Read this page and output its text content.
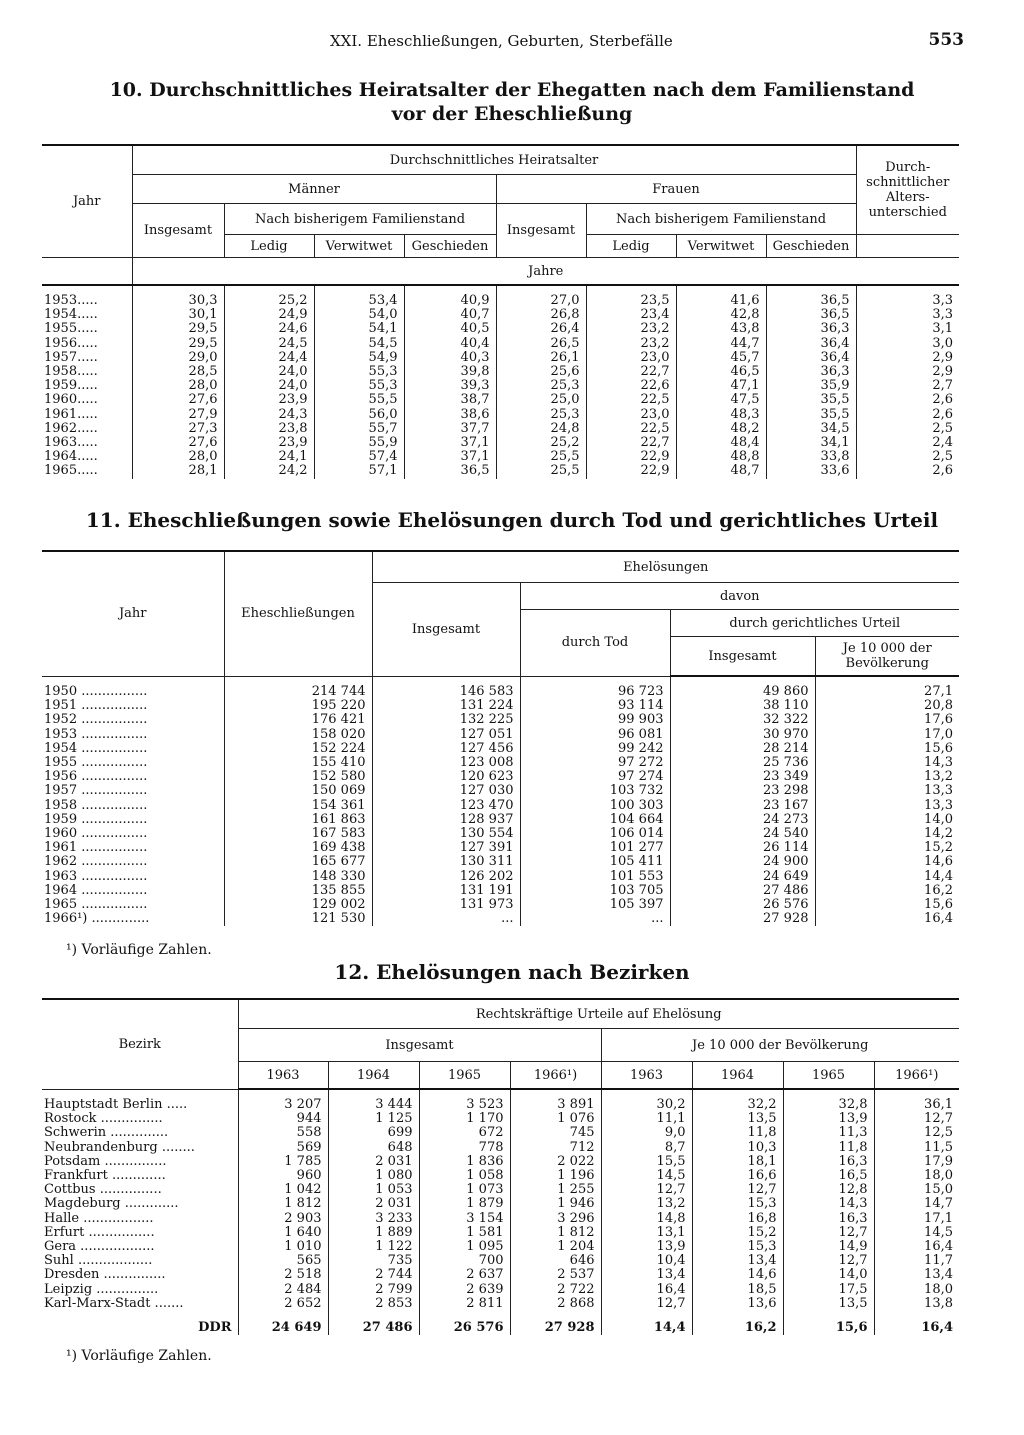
XXI. Eheschließungen, Geburten, Sterbefälle	553
10. Durchschnittliches Heiratsalter der Ehegatten nach dem Familienstand
vor der Eheschließung
Jahr	Durchschnittliches Heiratsalter								Durch- schnittlicher Alters- unterschied
	Männer				Frauen				
	Insgesamt	Nach bisherigem Familienstand			Insgesamt	Nach bisherigem Familienstand			
		Ledig	Verwitwet	Geschieden		Ledig	Verwitwet	Geschieden	
	Jahre								
1953.....	30,3	25,2	53,4	40,9	27,0	23,5	41,6	36,5	3,3
1954.....	30,1	24,9	54,0	40,7	26,8	23,4	42,8	36,5	3,3
1955.....	29,5	24,6	54,1	40,5	26,4	23,2	43,8	36,3	3,1
1956.....	29,5	24,5	54,5	40,4	26,5	23,2	44,7	36,4	3,0
1957.....	29,0	24,4	54,9	40,3	26,1	23,0	45,7	36,4	2,9
1958.....	28,5	24,0	55,3	39,8	25,6	22,7	46,5	36,3	2,9
1959.....	28,0	24,0	55,3	39,3	25,3	22,6	47,1	35,9	2,7
1960.....	27,6	23,9	55,5	38,7	25,0	22,5	47,5	35,5	2,6
1961.....	27,9	24,3	56,0	38,6	25,3	23,0	48,3	35,5	2,6
1962.....	27,3	23,8	55,7	37,7	24,8	22,5	48,2	34,5	2,5
1963.....	27,6	23,9	55,9	37,1	25,2	22,7	48,4	34,1	2,4
1964.....	28,0	24,1	57,4	37,1	25,5	22,9	48,8	33,8	2,5
1965.....	28,1	24,2	57,1	36,5	25,5	22,9	48,7	33,6	2,6
11. Eheschließungen sowie Ehelösungen durch Tod und gerichtliches Urteil
Jahr	Eheschließungen	Ehelösungen			
		Insgesamt	davon		
			durch Tod	durch gerichtliches Urteil	
				Insgesamt	Je 10 000 der Bevölkerung
1950 ................	214 744	146 583	96 723	49 860	27,1
1951 ................	195 220	131 224	93 114	38 110	20,8
1952 ................	176 421	132 225	99 903	32 322	17,6
1953 ................	158 020	127 051	96 081	30 970	17,0
1954 ................	152 224	127 456	99 242	28 214	15,6
1955 ................	155 410	123 008	97 272	25 736	14,3
1956 ................	152 580	120 623	97 274	23 349	13,2
1957 ................	150 069	127 030	103 732	23 298	13,3
1958 ................	154 361	123 470	100 303	23 167	13,3
1959 ................	161 863	128 937	104 664	24 273	14,0
1960 ................	167 583	130 554	106 014	24 540	14,2
1961 ................	169 438	127 391	101 277	26 114	15,2
1962 ................	165 677	130 311	105 411	24 900	14,6
1963 ................	148 330	126 202	101 553	24 649	14,4
1964 ................	135 855	131 191	103 705	27 486	16,2
1965 ................	129 002	131 973	105 397	26 576	15,6
1966¹) ..............	121 530	...	...	27 928	16,4
¹) Vorläufige Zahlen.
12. Ehelösungen nach Bezirken
Bezirk	Rechtskräftige Urteile auf Ehelösung							
	Insgesamt				Je 10 000 der Bevölkerung			
	1963	1964	1965	1966¹)	1963	1964	1965	1966¹)
Hauptstadt Berlin .....	3 207	3 444	3 523	3 891	30,2	32,2	32,8	36,1
Rostock ...............	944	1 125	1 170	1 076	11,1	13,5	13,9	12,7
Schwerin ..............	558	699	672	745	9,0	11,8	11,3	12,5
Neubrandenburg ........	569	648	778	712	8,7	10,3	11,8	11,5
Potsdam ...............	1 785	2 031	1 836	2 022	15,5	18,1	16,3	17,9
Frankfurt .............	960	1 080	1 058	1 196	14,5	16,6	16,5	18,0
Cottbus ...............	1 042	1 053	1 073	1 255	12,7	12,7	12,8	15,0
Magdeburg .............	1 812	2 031	1 879	1 946	13,2	15,3	14,3	14,7
Halle .................	2 903	3 233	3 154	3 296	14,8	16,8	16,3	17,1
Erfurt ................	1 640	1 889	1 581	1 812	13,1	15,2	12,7	14,5
Gera ..................	1 010	1 122	1 095	1 204	13,9	15,3	14,9	16,4
Suhl ..................	565	735	700	646	10,4	13,4	12,7	11,7
Dresden ...............	2 518	2 744	2 637	2 537	13,4	14,6	14,0	13,4
Leipzig ...............	2 484	2 799	2 639	2 722	16,4	18,5	17,5	18,0
Karl-Marx-Stadt .......	2 652	2 853	2 811	2 868	12,7	13,6	13,5	13,8
DDR	24 649	27 486	26 576	27 928	14,4	16,2	15,6	16,4
¹) Vorläufige Zahlen.
